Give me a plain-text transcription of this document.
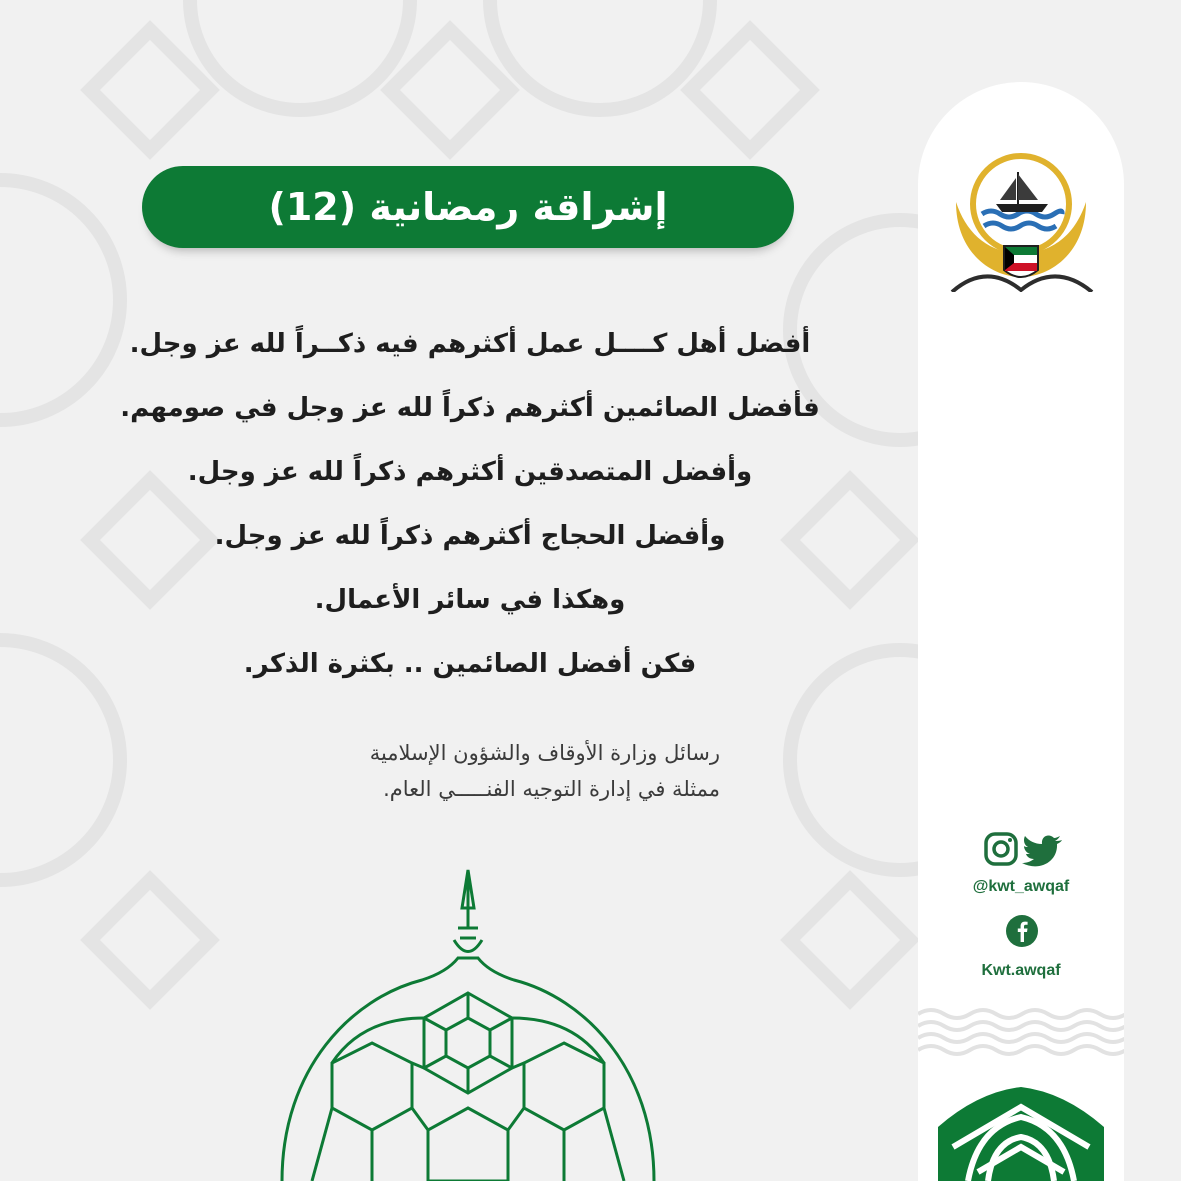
@kwt_awqaf
Kwt.awqaf
إشراقة رمضانية (12)
أفضل أهل كــــل عمل أكثرهم فيه ذكــراً لله عز وجل.
فأفضل الصائمين أكثرهم ذكراً لله عز وجل في صومهم.
وأفضل المتصدقين أكثرهم ذكراً لله عز وجل.
وأفضل الحجاج أكثرهم ذكراً لله عز وجل.
وهكذا في سائر الأعمال.
فكن أفضل الصائمين .. بكثرة الذكر.
رسائل وزارة الأوقاف والشؤون الإسلامية
ممثلة في إدارة التوجيه الفنـــــي العام.
